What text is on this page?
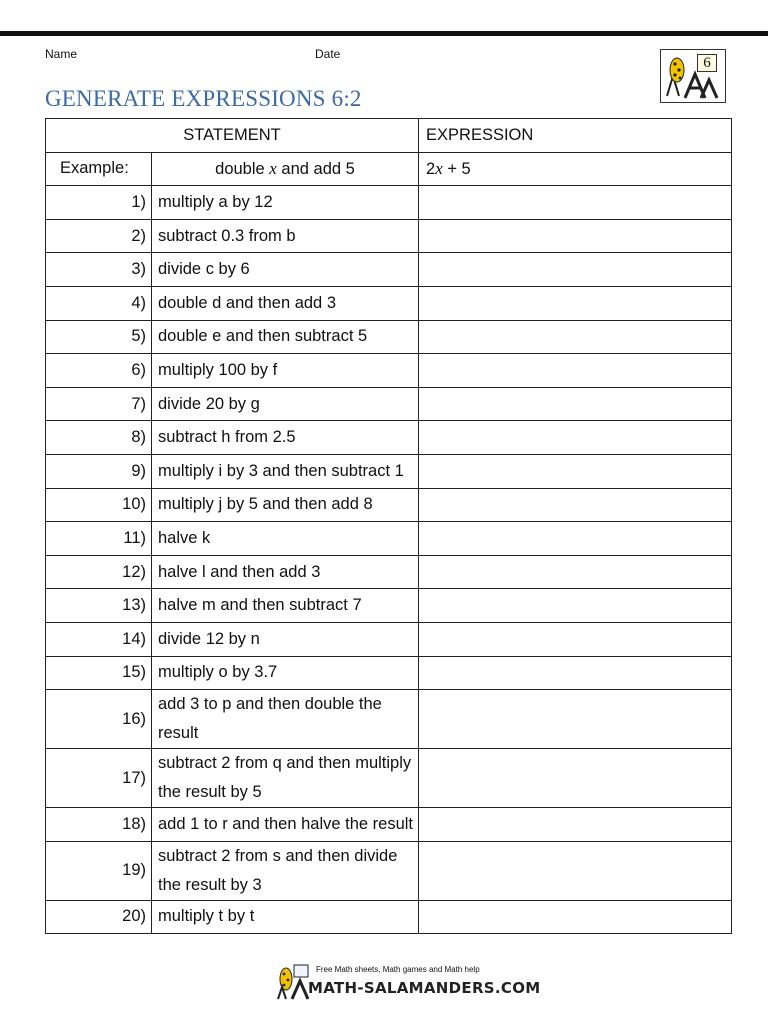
Name	Date
GENERATE EXPRESSIONS 6:2
6
STATEMENT		EXPRESSION
Example:	double x and add 5	2x + 5
1)	multiply a by 12	
2)	subtract 0.3 from b	
3)	divide c by 6	
4)	double d and then add 3	
5)	double e and then subtract 5	
6)	multiply 100 by f	
7)	divide 20 by g	
8)	subtract h from 2.5	
9)	multiply i by 3 and then subtract 1	
10)	multiply j by 5 and then add 8	
11)	halve k	
12)	halve l and then add 3	
13)	halve m and then subtract 7	
14)	divide 12 by n	
15)	multiply o by 3.7	
16)	add 3 to p and then double the result	
17)	subtract 2 from q and then multiply the result by 5	
18)	add 1 to r and then halve the result	
19)	subtract 2 from s and then divide the result by 3	
20)	multiply t by t	
Free Math sheets, Math games and Math help
MATH-SALAMANDERS.COM
